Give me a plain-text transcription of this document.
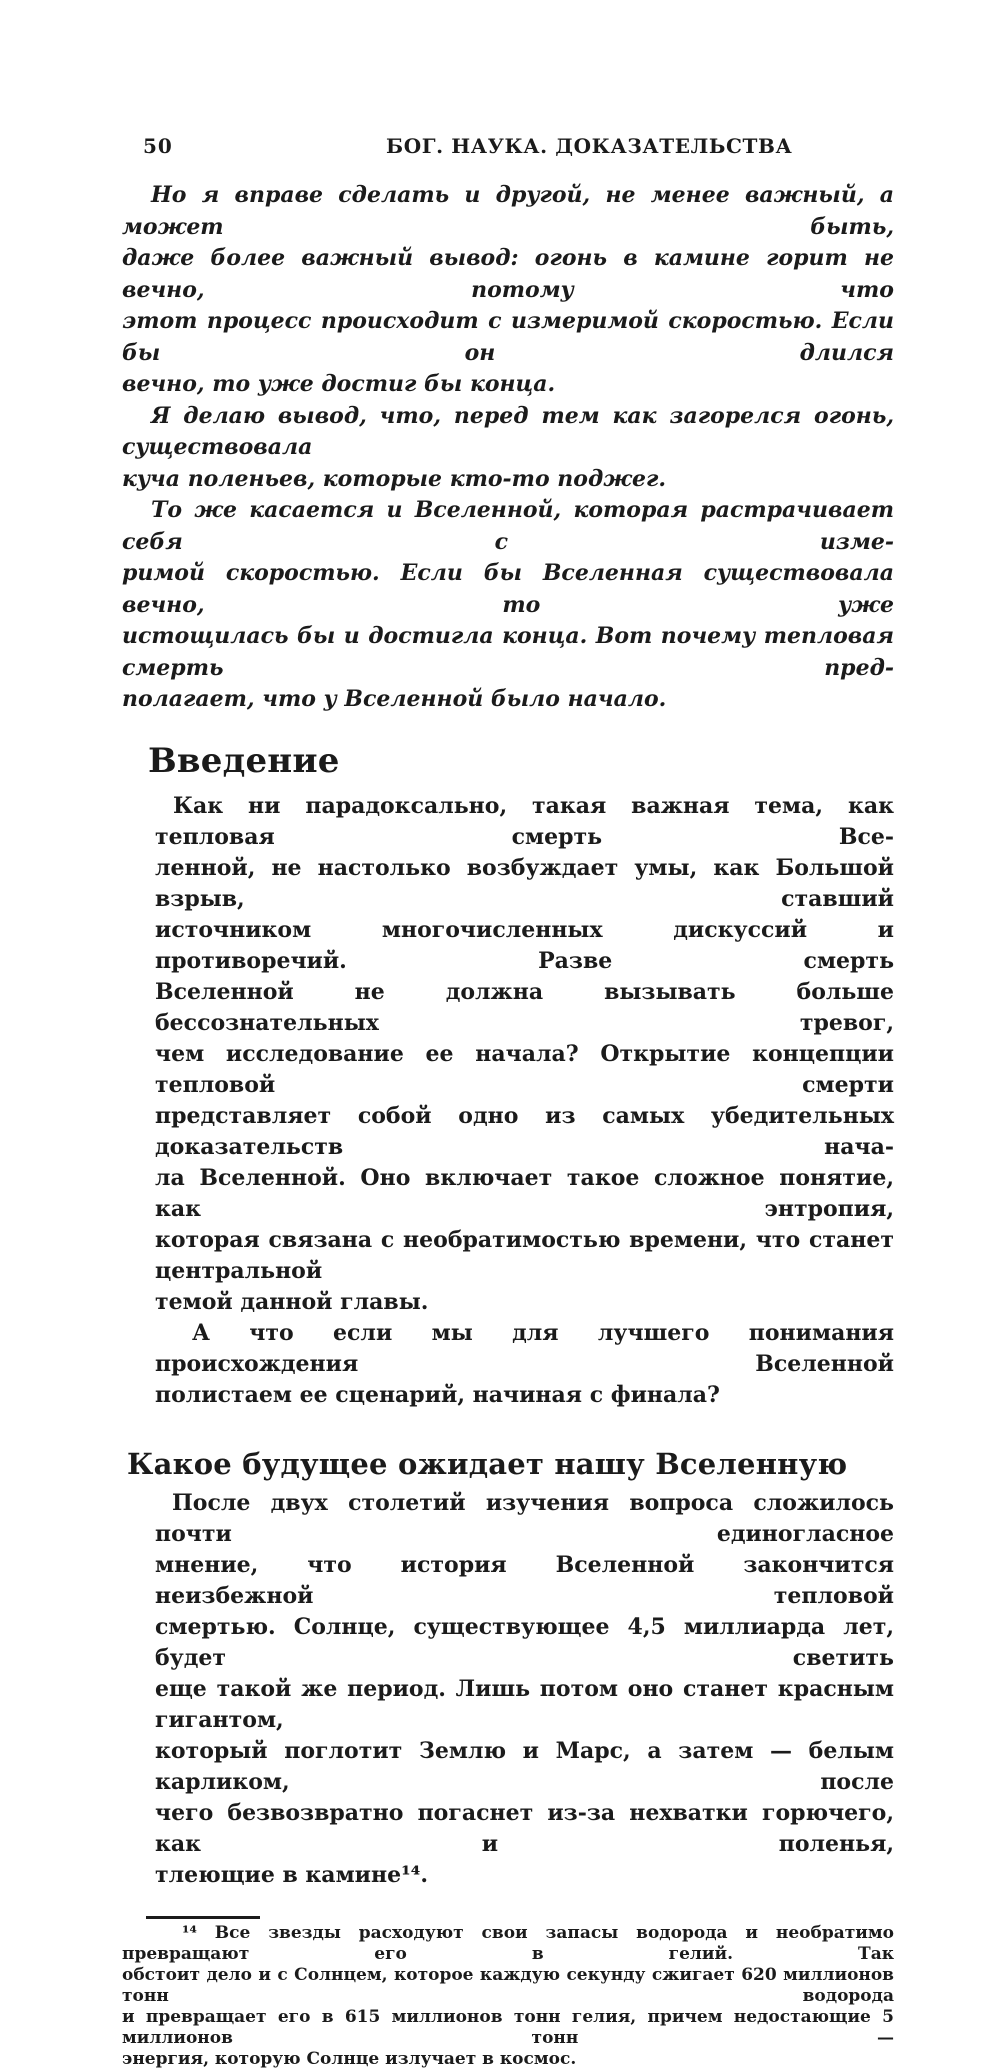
50	БОГ. НАУКА. ДОКАЗАТЕЛЬСТВА
Но я вправе сделать и другой, не менее важный, а может быть,
даже более важный вывод: огонь в камине горит не вечно, потому что
этот процесс происходит с измеримой скоростью. Если бы он длился
вечно, то уже достиг бы конца.
Я делаю вывод, что, перед тем как загорелся огонь, существовала
куча поленьев, которые кто-то поджег.
То же касается и Вселенной, которая растрачивает себя с изме-
римой скоростью. Если бы Вселенная существовала вечно, то уже
истощилась бы и достигла конца. Вот почему тепловая смерть пред-
полагает, что у Вселенной было начало.
Введение
Как ни парадоксально, такая важная тема, как тепловая смерть Все-
ленной, не настолько возбуждает умы, как Большой взрыв, ставший
источником многочисленных дискуссий и противоречий. Разве смерть
Вселенной не должна вызывать больше бессознательных тревог,
чем исследование ее начала? Открытие концепции тепловой смерти
представляет собой одно из самых убедительных доказательств нача-
ла Вселенной. Оно включает такое сложное понятие, как энтропия,
которая связана с необратимостью времени, что станет центральной
темой данной главы.
А что если мы для лучшего понимания происхождения Вселенной
полистаем ее сценарий, начиная с финала?
Какое будущее ожидает нашу Вселенную
После двух столетий изучения вопроса сложилось почти единогласное
мнение, что история Вселенной закончится неизбежной тепловой
смертью. Солнце, существующее 4,5 миллиарда лет, будет светить
еще такой же период. Лишь потом оно станет красным гигантом,
который поглотит Землю и Марс, а затем — белым карликом, после
чего безвозвратно погаснет из-за нехватки горючего, как и поленья,
тлеющие в камине¹⁴.
¹⁴ Все звезды расходуют свои запасы водорода и необратимо превращают его в гелий. Так
обстоит дело и с Солнцем, которое каждую секунду сжигает 620 миллионов тонн водорода
и превращает его в 615 миллионов тонн гелия, причем недостающие 5 миллионов тонн —
энергия, которую Солнце излучает в космос.
